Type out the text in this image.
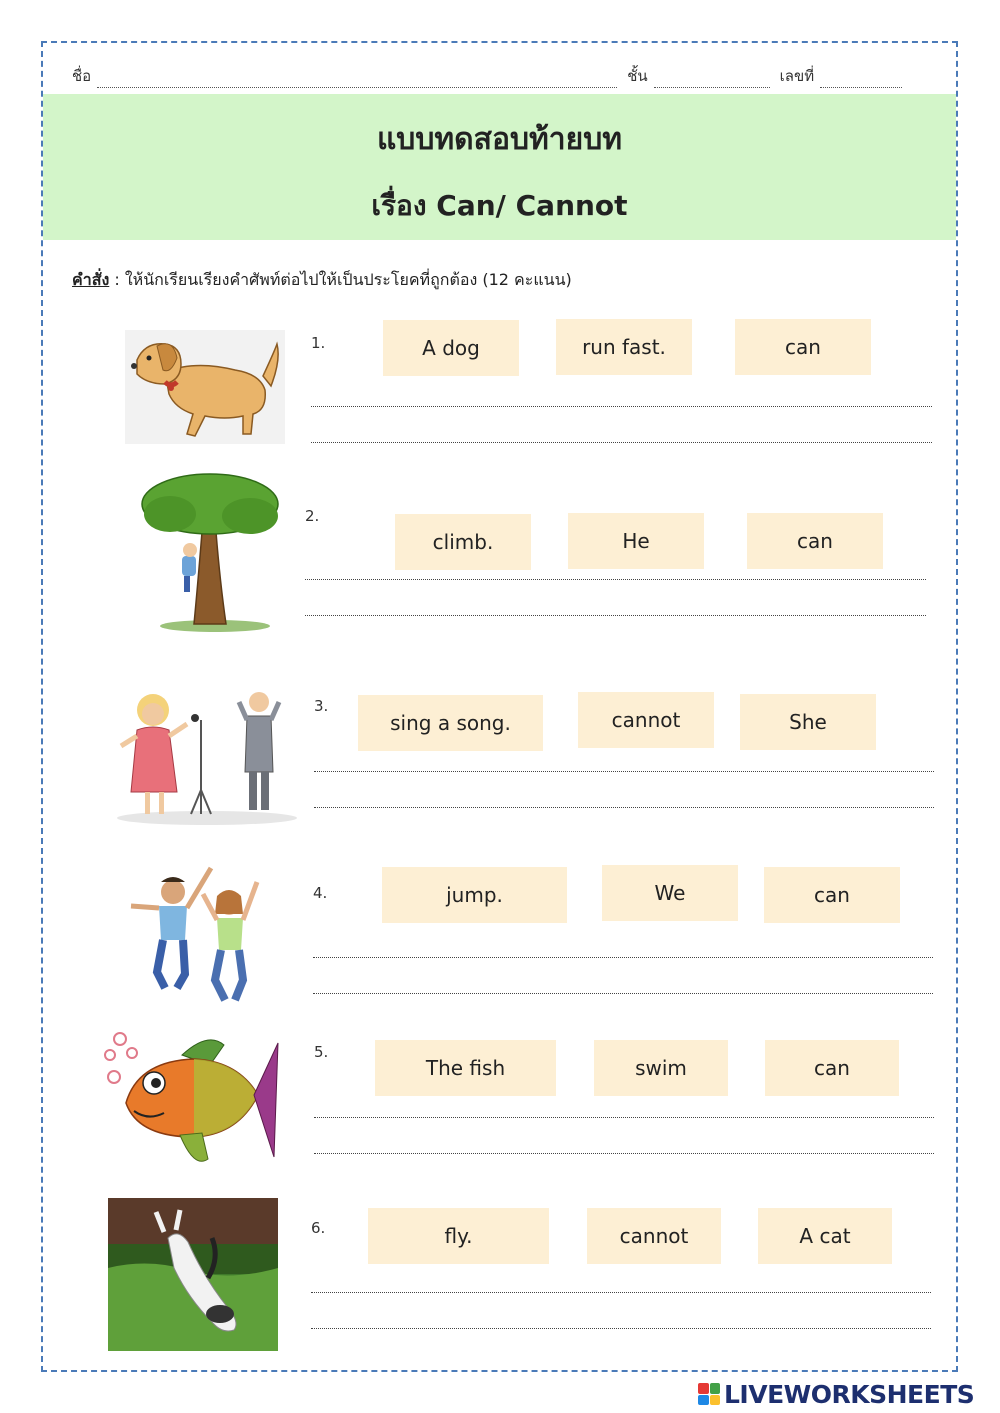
ชื่อ	ชั้น	เลขที่
แบบทดสอบท้ายบท
เรื่อง Can/ Cannot
คำสั่ง : ให้นักเรียนเรียงคำศัพท์ต่อไปให้เป็นประโยคที่ถูกต้อง (12 คะแนน)
1.	A dog	run fast.	can
2.
climb.	He	can
3.
sing a song.	cannot	She
4.	jump.	We	can
5.
The fish	swim	can
6.	fly.	cannot	A cat
LIVEWORKSHEETS
